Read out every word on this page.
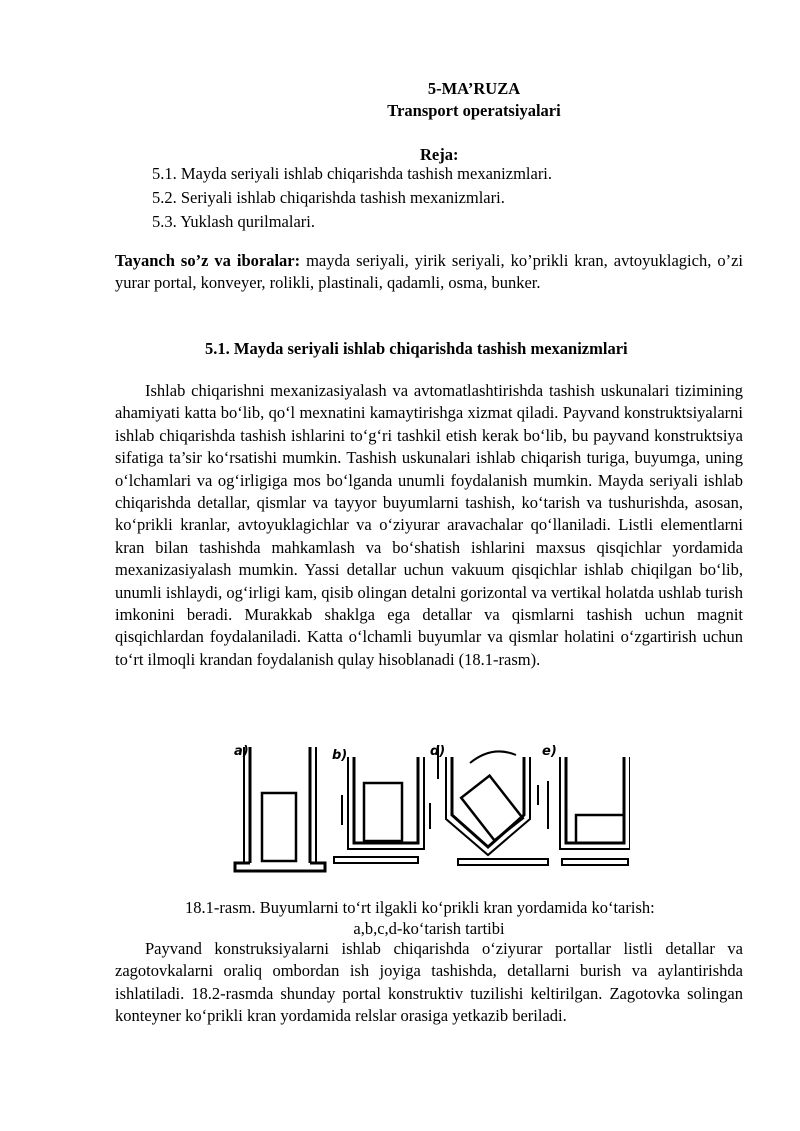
5-MA’RUZA
Transport operatsiyalari
Reja:
5.1. Mayda seriyali ishlab chiqarishda tashish mexanizmlari.
5.2. Seriyali ishlab chiqarishda tashish mexanizmlari.
5.3. Yuklash qurilmalari.
Tayanch so’z va iboralar: mayda seriyali, yirik seriyali, ko’prikli kran, avtoyuklagich, o’zi yurar portal, konveyer, rolikli, plastinali, qadamli, osma, bunker.
5.1. Mayda seriyali ishlab chiqarishda tashish mexanizmlari
Ishlab chiqarishni mexanizasiyalash va avtomatlashtirishda tashish uskunalari tizimining ahamiyati katta bo‘lib, qo‘l mexnatini kamaytirishga xizmat qiladi. Payvand konstruktsiyalarni ishlab chiqarishda tashish ishlarini to‘g‘ri tashkil etish kerak bo‘lib, bu payvand konstruktsiya sifatiga ta’sir ko‘rsatishi mumkin. Tashish uskunalari ishlab chiqarish turiga, buyumga, uning o‘lchamlari va og‘irligiga mos bo‘lganda unumli foydalanish mumkin. Mayda seriyali ishlab chiqarishda detallar, qismlar va tayyor buyumlarni tashish, ko‘tarish va tushurishda, asosan, ko‘prikli kranlar, avtoyuklagichlar va o‘ziyurar aravachalar qo‘llaniladi. Listli elementlarni kran bilan tashishda mahkamlash va bo‘shatish ishlarini maxsus qisqichlar yordamida mexanizasiyalash mumkin. Yassi detallar uchun vakuum qisqichlar ishlab chiqilgan bo‘lib, unumli ishlaydi, og‘irligi kam, qisib olingan detalni gorizontal va vertikal holatda ushlab turish imkonini beradi. Murakkab shaklga ega detallar va qismlarni tashish uchun magnit qisqichlardan foydalaniladi. Katta o‘lchamli buyumlar va qismlar holatini o‘zgartirish uchun to‘rt ilmoqli krandan foydalanish qulay hisoblanadi (18.1-rasm).
a)	b)	d)	e)
18.1-rasm. Buyumlarni to‘rt ilgakli ko‘prikli kran yordamida ko‘tarish:
a,b,c,d-ko‘tarish tartibi
Payvand konstruksiyalarni ishlab chiqarishda o‘ziyurar portallar listli detallar va zagotovkalarni oraliq ombordan ish joyiga tashishda, detallarni burish va aylantirishda ishlatiladi. 18.2-rasmda shunday portal konstruktiv tuzilishi keltirilgan. Zagotovka solingan konteyner ko‘prikli kran yordamida relslar orasiga yetkazib beriladi.
